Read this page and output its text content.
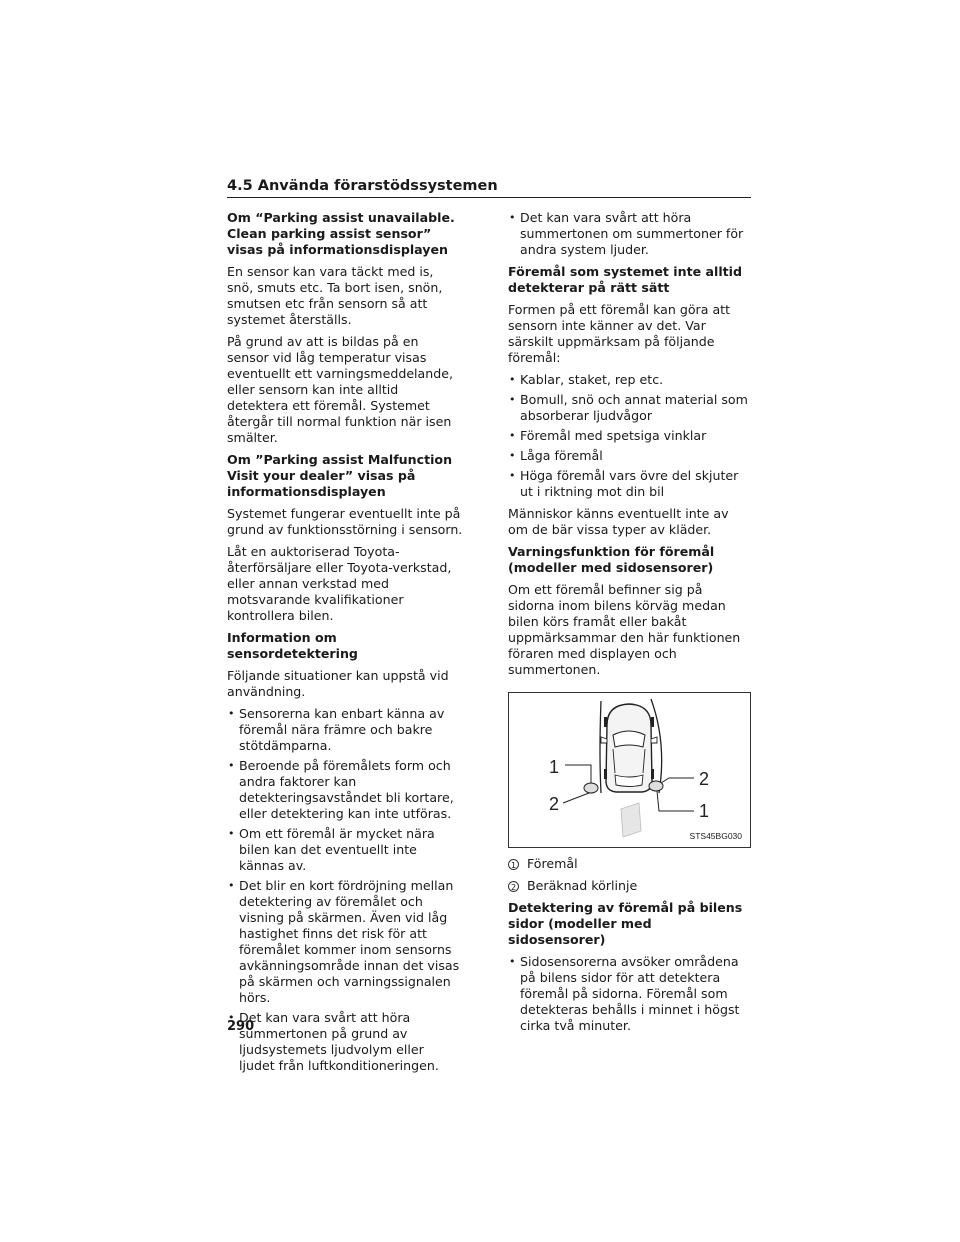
4.5 Använda förarstödssystemen
Om “Parking assist unavailable. Clean parking assist sensor” visas på informationsdisplayen
En sensor kan vara täckt med is, snö, smuts etc. Ta bort isen, snön, smutsen etc från sensorn så att systemet återställs.
På grund av att is bildas på en sensor vid låg temperatur visas eventuellt ett varningsmeddelande, eller sensorn kan inte alltid detektera ett föremål. Systemet återgår till normal funktion när isen smälter.
Om ”Parking assist Malfunction Visit your dealer” visas på informationsdisplayen
Systemet fungerar eventuellt inte på grund av funktionsstörning i sensorn.
Låt en auktoriserad Toyota-återförsäljare eller Toyota-verkstad, eller annan verkstad med motsvarande kvalifikationer kontrollera bilen.
Information om sensordetektering
Följande situationer kan uppstå vid användning.
• Sensorerna kan enbart känna av föremål nära främre och bakre stötdämparna.
• Beroende på föremålets form och andra faktorer kan detekteringsavståndet bli kortare, eller detektering kan inte utföras.
• Om ett föremål är mycket nära bilen kan det eventuellt inte kännas av.
• Det blir en kort fördröjning mellan detektering av föremålet och visning på skärmen. Även vid låg hastighet finns det risk för att föremålet kommer inom sensorns avkänningsområde innan det visas på skärmen och varningssignalen hörs.
• Det kan vara svårt att höra summertonen på grund av ljudsystemets ljudvolym eller ljudet från luftkonditioneringen.
• Det kan vara svårt att höra summertonen om summertoner för andra system ljuder.
Föremål som systemet inte alltid detekterar på rätt sätt
Formen på ett föremål kan göra att sensorn inte känner av det. Var särskilt uppmärksam på följande föremål:
• Kablar, staket, rep etc.
• Bomull, snö och annat material som absorberar ljudvågor
• Föremål med spetsiga vinklar
• Låga föremål
• Höga föremål vars övre del skjuter ut i riktning mot din bil
Människor känns eventuellt inte av om de bär vissa typer av kläder.
Varningsfunktion för föremål (modeller med sidosensorer)
Om ett föremål befinner sig på sidorna inom bilens körväg medan bilen körs framåt eller bakåt uppmärksammar den här funktionen föraren med displayen och summertonen.
1
2
2
1
STS45BG030
1 Föremål
2 Beräknad körlinje
Detektering av föremål på bilens sidor (modeller med sidosensorer)
• Sidosensorerna avsöker områdena på bilens sidor för att detektera föremål på sidorna. Föremål som detekteras behålls i minnet i högst cirka två minuter.
290
